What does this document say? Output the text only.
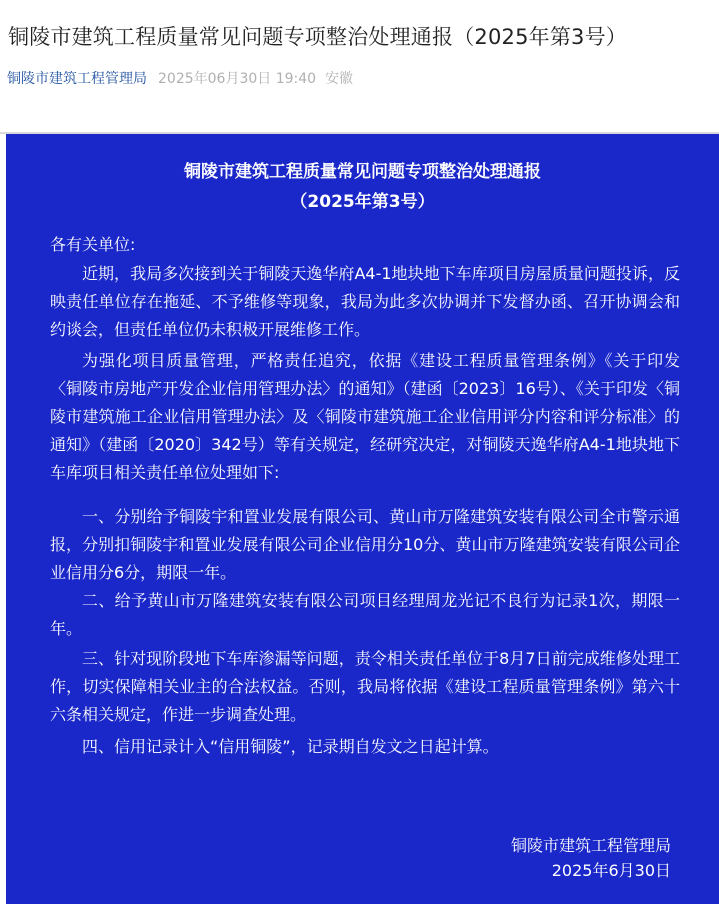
铜陵市建筑工程质量常见问题专项整治处理通报（2025年第3号）
铜陵市建筑工程管理局 2025年06月30日 19:40 安徽
铜陵市建筑工程质量常见问题专项整治处理通报
（2025年第3号）
各有关单位:
近期，我局多次接到关于铜陵天逸华府A4-1地块地下车库项目房屋质量问题投诉，反映责任单位存在拖延、不予维修等现象，我局为此多次协调并下发督办函、召开协调会和约谈会，但责任单位仍未积极开展维修工作。
为强化项目质量管理，严格责任追究，依据《建设工程质量管理条例》《关于印发〈铜陵市房地产开发企业信用管理办法〉的通知》（建函〔2023〕16号）、《关于印发〈铜陵市建筑施工企业信用管理办法〉及〈铜陵市建筑施工企业信用评分内容和评分标准〉的通知》（建函〔2020〕342号）等有关规定，经研究决定，对铜陵天逸华府A4-1地块地下车库项目相关责任单位处理如下:
一、分别给予铜陵宇和置业发展有限公司、黄山市万隆建筑安装有限公司全市警示通报，分别扣铜陵宇和置业发展有限公司企业信用分10分、黄山市万隆建筑安装有限公司企业信用分6分，期限一年。
二、给予黄山市万隆建筑安装有限公司项目经理周龙光记不良行为记录1次，期限一年。
三、针对现阶段地下车库渗漏等问题，责令相关责任单位于8月7日前完成维修处理工作，切实保障相关业主的合法权益。否则，我局将依据《建设工程质量管理条例》第六十六条相关规定，作进一步调查处理。
四、信用记录计入“信用铜陵”，记录期自发文之日起计算。
铜陵市建筑工程管理局
2025年6月30日
